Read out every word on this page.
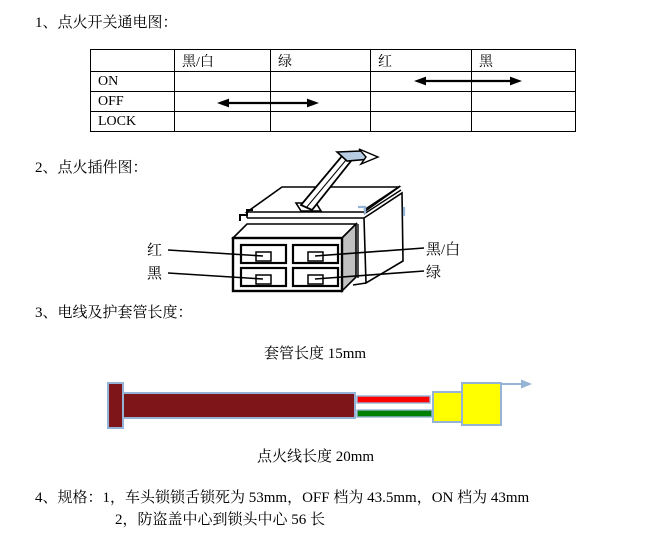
1、点火开关通电图：
	黑/白	绿	红	黑
ON				
OFF				
LOCK				
2、点火插件图：
红
黑
黑/白
绿
3、电线及护套管长度：
套管长度 15mm
点火线长度 20mm
4、规格：1，车头锁锁舌锁死为 53mm，OFF 档为 43.5mm，ON 档为 43mm
2，防盗盖中心到锁头中心 56 长
